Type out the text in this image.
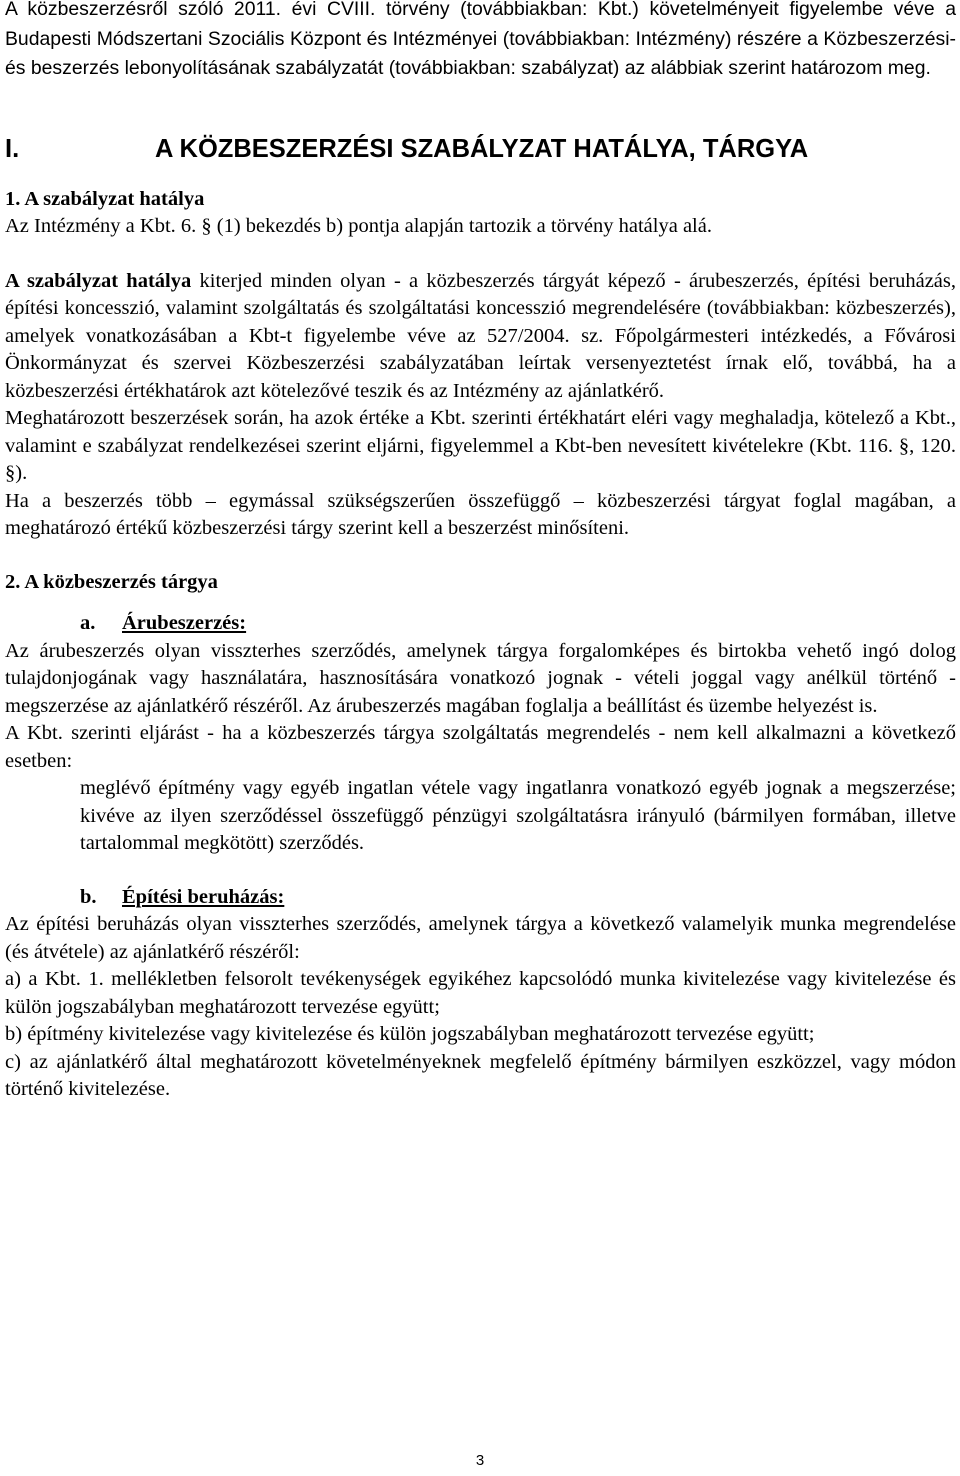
A közbeszerzésről szóló 2011. évi CVIII. törvény (továbbiakban: Kbt.) követelményeit figyelembe véve a Budapesti Módszertani Szociális Központ és Intézményei (továbbiakban: Intézmény) részére a Közbeszerzési- és beszerzés lebonyolításának szabályzatát (továbbiakban: szabályzat) az alábbiak szerint határozom meg.

I.	A KÖZBESZERZÉSI SZABÁLYZAT HATÁLYA, TÁRGYA

1. A szabályzat hatálya

Az Intézmény a Kbt. 6. § (1) bekezdés b) pontja alapján tartozik a törvény hatálya alá.

A szabályzat hatálya kiterjed minden olyan - a közbeszerzés tárgyát képező - árubeszerzés, építési beruházás, építési koncesszió, valamint szolgáltatás és szolgáltatási koncesszió megrendelésére (továbbiakban: közbeszerzés), amelyek vonatkozásában a Kbt-t figyelembe véve az 527/2004. sz. Főpolgármesteri intézkedés, a Fővárosi Önkormányzat és szervei Közbeszerzési szabályzatában leírtak versenyeztetést írnak elő, továbbá, ha a közbeszerzési értékhatárok azt kötelezővé teszik és az Intézmény az ajánlatkérő.

Meghatározott beszerzések során, ha azok értéke a Kbt. szerinti értékhatárt eléri vagy meghaladja, kötelező a Kbt., valamint e szabályzat rendelkezései szerint eljárni, figyelemmel a Kbt-ben nevesített kivételekre (Kbt. 116. §, 120. §).

Ha a beszerzés több – egymással szükségszerűen összefüggő – közbeszerzési tárgyat foglal magában, a meghatározó értékű közbeszerzési tárgy szerint kell a beszerzést minősíteni.

2. A közbeszerzés tárgya

a. Árubeszerzés:

Az árubeszerzés olyan visszterhes szerződés, amelynek tárgya forgalomképes és birtokba vehető ingó dolog tulajdonjogának vagy használatára, hasznosítására vonatkozó jognak - vételi joggal vagy anélkül történő - megszerzése az ajánlatkérő részéről. Az árubeszerzés magában foglalja a beállítást és üzembe helyezést is.

A Kbt. szerinti eljárást - ha a közbeszerzés tárgya szolgáltatás megrendelés - nem kell alkalmazni a következő esetben:

meglévő építmény vagy egyéb ingatlan vétele vagy ingatlanra vonatkozó egyéb jognak a megszerzése; kivéve az ilyen szerződéssel összefüggő pénzügyi szolgáltatásra irányuló (bármilyen formában, illetve tartalommal megkötött) szerződés.

b. Építési beruházás:

Az építési beruházás olyan visszterhes szerződés, amelynek tárgya a következő valamelyik munka megrendelése (és átvétele) az ajánlatkérő részéről:

a) a Kbt. 1. mellékletben felsorolt tevékenységek egyikéhez kapcsolódó munka kivitelezése vagy kivitelezése és külön jogszabályban meghatározott tervezése együtt;

b) építmény kivitelezése vagy kivitelezése és külön jogszabályban meghatározott tervezése együtt;

c) az ajánlatkérő által meghatározott követelményeknek megfelelő építmény bármilyen eszközzel, vagy módon történő kivitelezése.

3
